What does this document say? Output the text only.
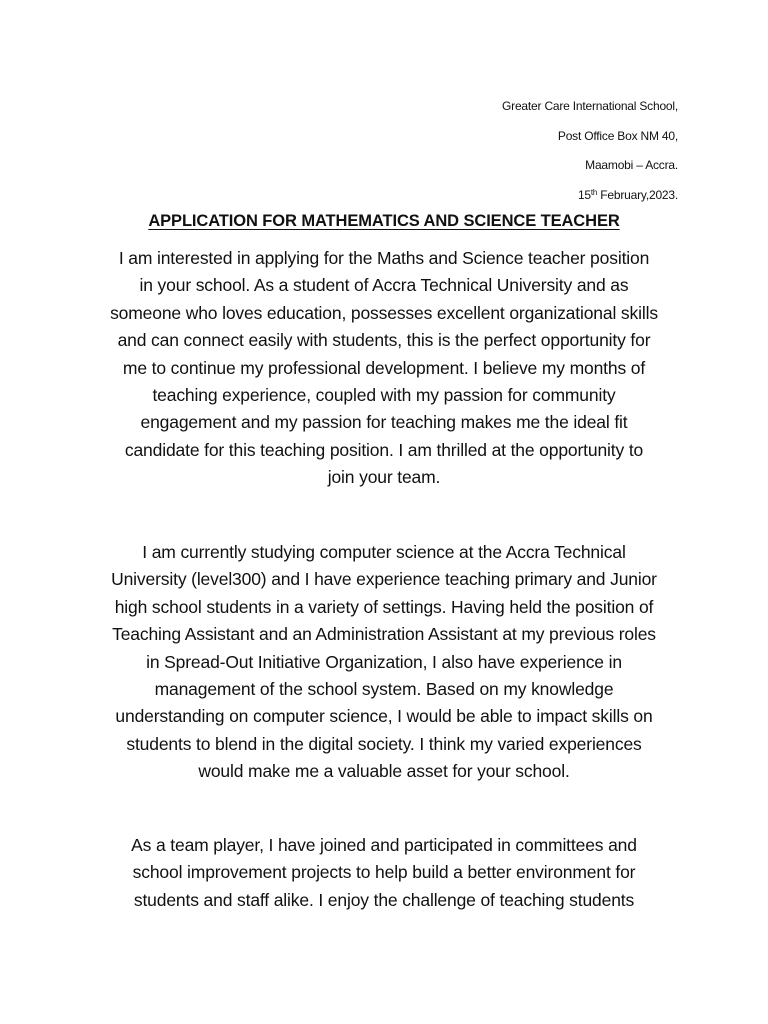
Greater Care International School,
Post Office Box NM 40,
Maamobi – Accra.
15th February,2023.
APPLICATION FOR MATHEMATICS AND SCIENCE TEACHER
I am interested in applying for the Maths and Science teacher position
in your school. As a student of Accra Technical University and as
someone who loves education, possesses excellent organizational skills
and can connect easily with students, this is the perfect opportunity for
me to continue my professional development. I believe my months of
teaching experience, coupled with my passion for community
engagement and my passion for teaching makes me the ideal fit
candidate for this teaching position. I am thrilled at the opportunity to
join your team.
I am currently studying computer science at the Accra Technical
University (level300) and I have experience teaching primary and Junior
high school students in a variety of settings. Having held the position of
Teaching Assistant and an Administration Assistant at my previous roles
in Spread-Out Initiative Organization, I also have experience in
management of the school system. Based on my knowledge
understanding on computer science, I would be able to impact skills on
students to blend in the digital society. I think my varied experiences
would make me a valuable asset for your school.
As a team player, I have joined and participated in committees and
school improvement projects to help build a better environment for
students and staff alike. I enjoy the challenge of teaching students
